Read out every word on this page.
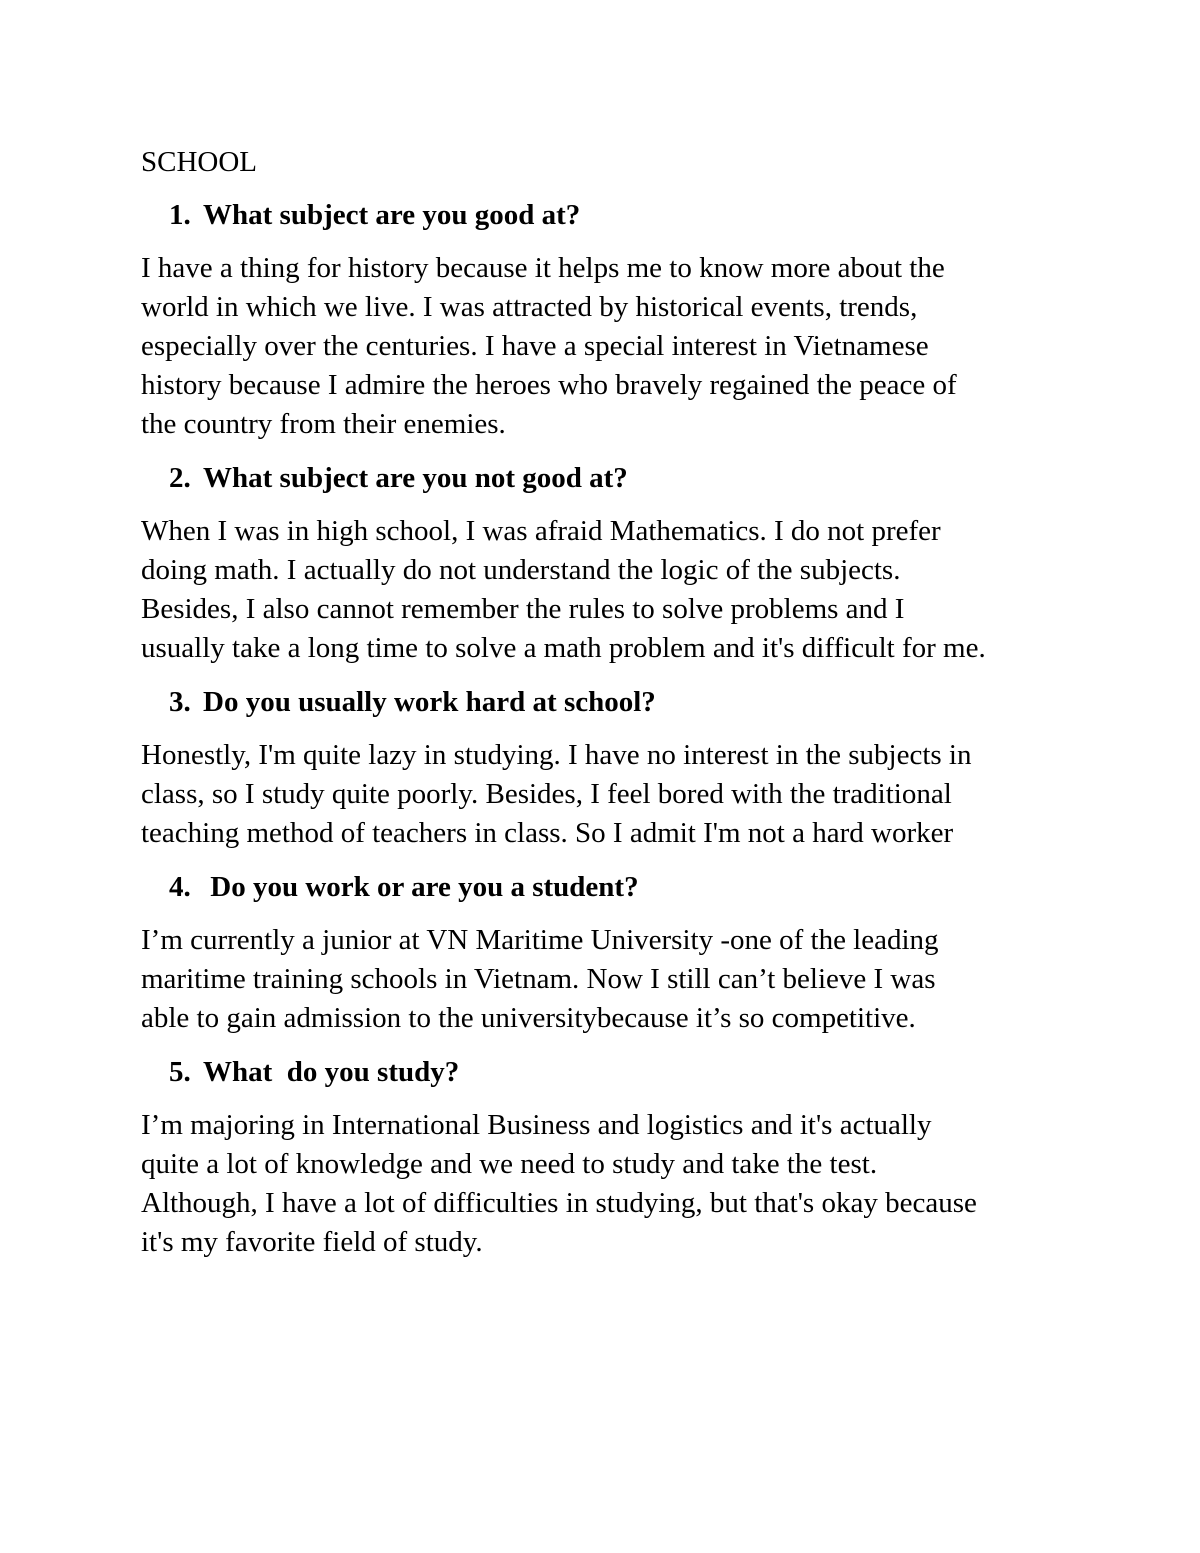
SCHOOL
1. What subject are you good at?
I have a thing for history because it helps me to know more about the
world in which we live. I was attracted by historical events, trends,
especially over the centuries. I have a special interest in Vietnamese
history because I admire the heroes who bravely regained the peace of
the country from their enemies.
2. What subject are you not good at?
When I was in high school, I was afraid Mathematics. I do not prefer
doing math. I actually do not understand the logic of the subjects.
Besides, I also cannot remember the rules to solve problems and I
usually take a long time to solve a math problem and it's difficult for me.
3. Do you usually work hard at school?
Honestly, I'm quite lazy in studying. I have no interest in the subjects in
class, so I study quite poorly. Besides, I feel bored with the traditional
teaching method of teachers in class. So I admit I'm not a hard worker
4. Do you work or are you a student?
I’m currently a junior at VN Maritime University -one of the leading
maritime training schools in Vietnam. Now I still can’t believe I was
able to gain admission to the universitybecause it’s so competitive.
5. What  do you study?
I’m majoring in International Business and logistics and it's actually
quite a lot of knowledge and we need to study and take the test.
Although, I have a lot of difficulties in studying, but that's okay because
it's my favorite field of study.
